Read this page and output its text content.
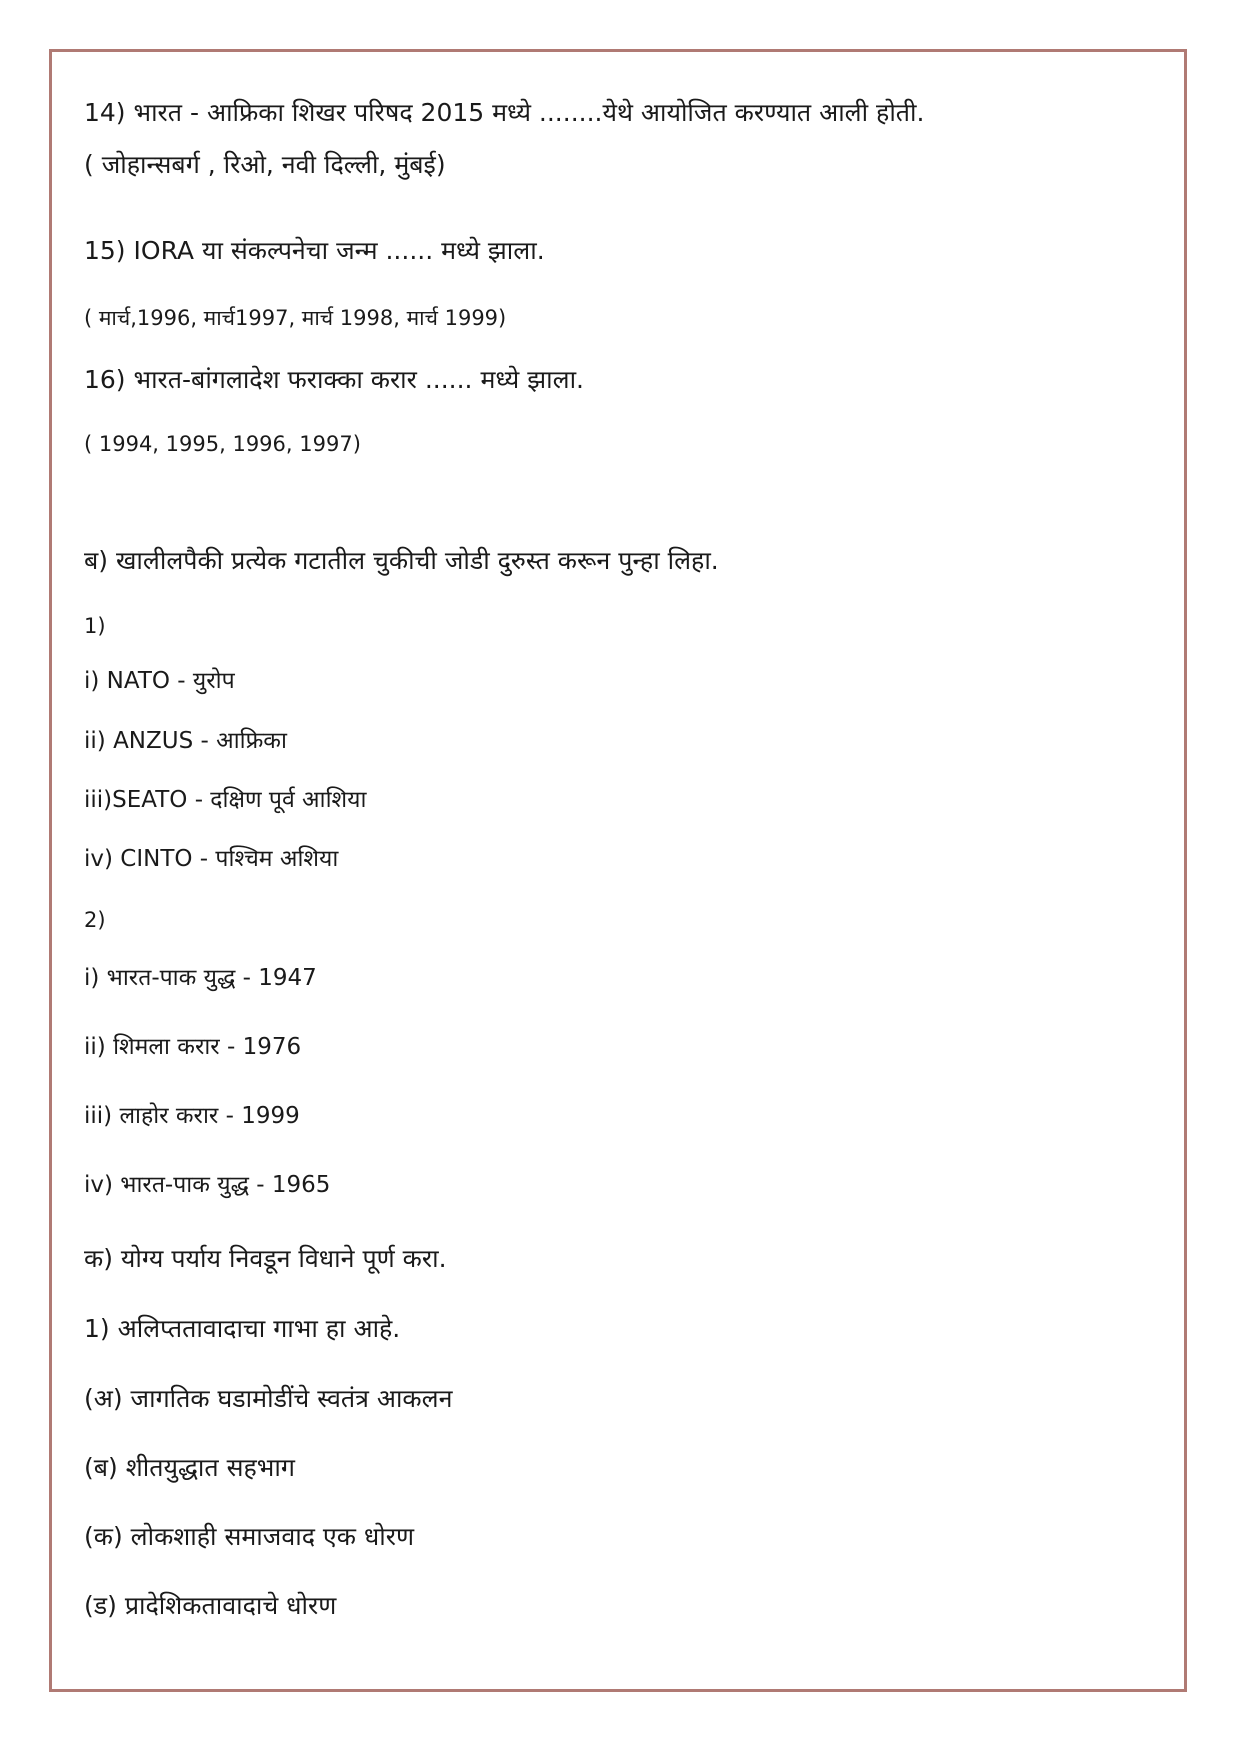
14) भारत - आफ्रिका शिखर परिषद 2015 मध्ये ........येथे आयोजित करण्यात आली होती.
( जोहान्सबर्ग , रिओ, नवी दिल्ली, मुंबई)
15) IORA या संकल्पनेचा जन्म ...... मध्ये झाला.
( मार्च,1996, मार्च1997, मार्च 1998, मार्च 1999)
16) भारत-बांगलादेश फराक्का करार ...... मध्ये झाला.
( 1994, 1995, 1996, 1997)
ब) खालीलपैकी प्रत्येक गटातील चुकीची जोडी दुरुस्त करून पुन्हा लिहा.
1)
i) NATO - युरोप
ii) ANZUS - आफ्रिका
iii)SEATO - दक्षिण पूर्व आशिया
iv) CINTO - पश्चिम अशिया
2)
i) भारत-पाक युद्ध - 1947
ii) शिमला करार - 1976
iii) लाहोर करार - 1999
iv) भारत-पाक युद्ध - 1965
क) योग्य पर्याय निवडून विधाने पूर्ण करा.
1) अलिप्ततावादाचा गाभा हा आहे.
(अ) जागतिक घडामोडींचे स्वतंत्र आकलन
(ब) शीतयुद्धात सहभाग
(क) लोकशाही समाजवाद एक धोरण
(ड) प्रादेशिकतावादाचे धोरण
